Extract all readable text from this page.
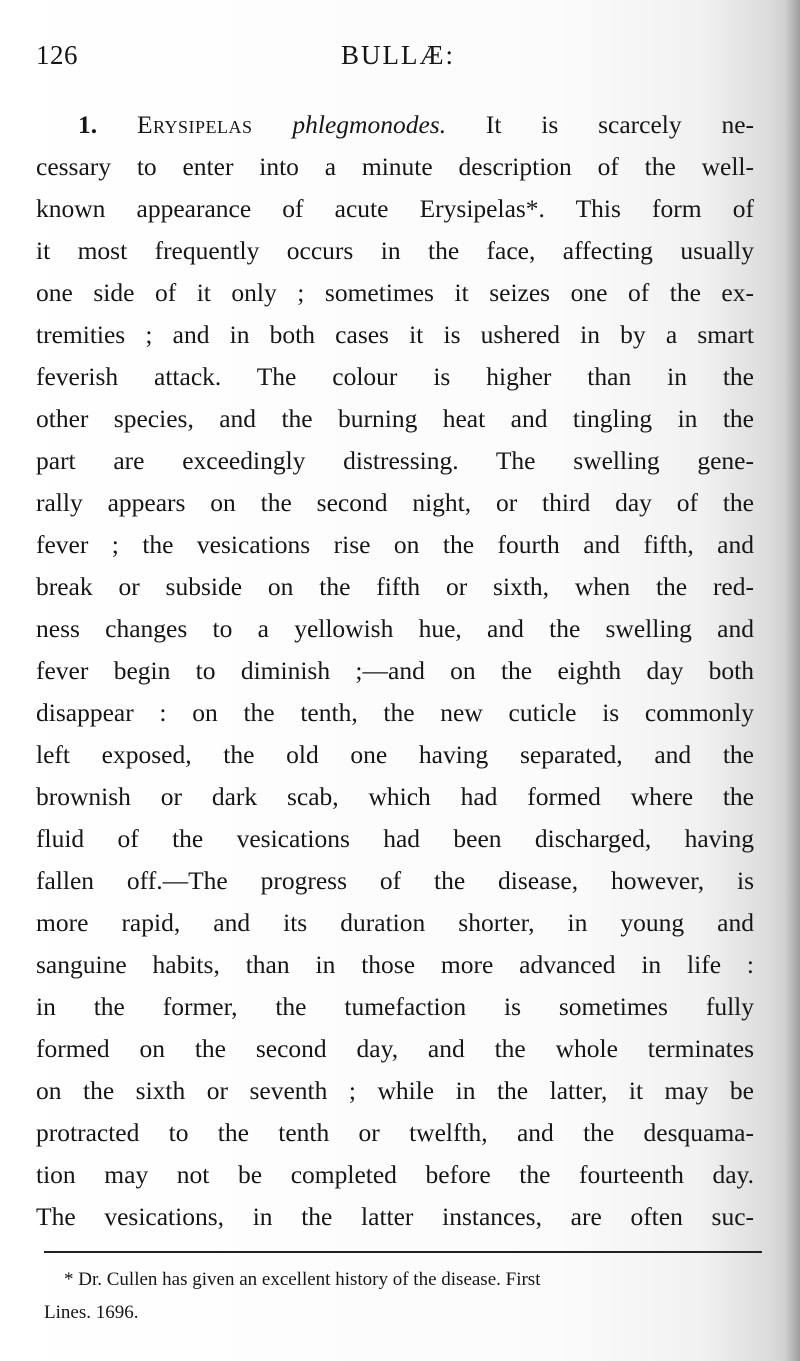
126	BULLÆ:
1. Erysipelas phlegmonodes. It is scarcely ne-
cessary to enter into a minute description of the well-
known appearance of acute Erysipelas*. This form of
it most frequently occurs in the face, affecting usually
one side of it only ; sometimes it seizes one of the ex-
tremities ; and in both cases it is ushered in by a smart
feverish attack. The colour is higher than in the
other species, and the burning heat and tingling in the
part are exceedingly distressing. The swelling gene-
rally appears on the second night, or third day of the
fever ; the vesications rise on the fourth and fifth, and
break or subside on the fifth or sixth, when the red-
ness changes to a yellowish hue, and the swelling and
fever begin to diminish ;—and on the eighth day both
disappear : on the tenth, the new cuticle is commonly
left exposed, the old one having separated, and the
brownish or dark scab, which had formed where the
fluid of the vesications had been discharged, having
fallen off.—The progress of the disease, however, is
more rapid, and its duration shorter, in young and
sanguine habits, than in those more advanced in life :
in the former, the tumefaction is sometimes fully
formed on the second day, and the whole terminates
on the sixth or seventh ; while in the latter, it may be
protracted to the tenth or twelfth, and the desquama-
tion may not be completed before the fourteenth day.
The vesications, in the latter instances, are often suc-
* Dr. Cullen has given an excellent history of the disease. First
Lines. 1696.
